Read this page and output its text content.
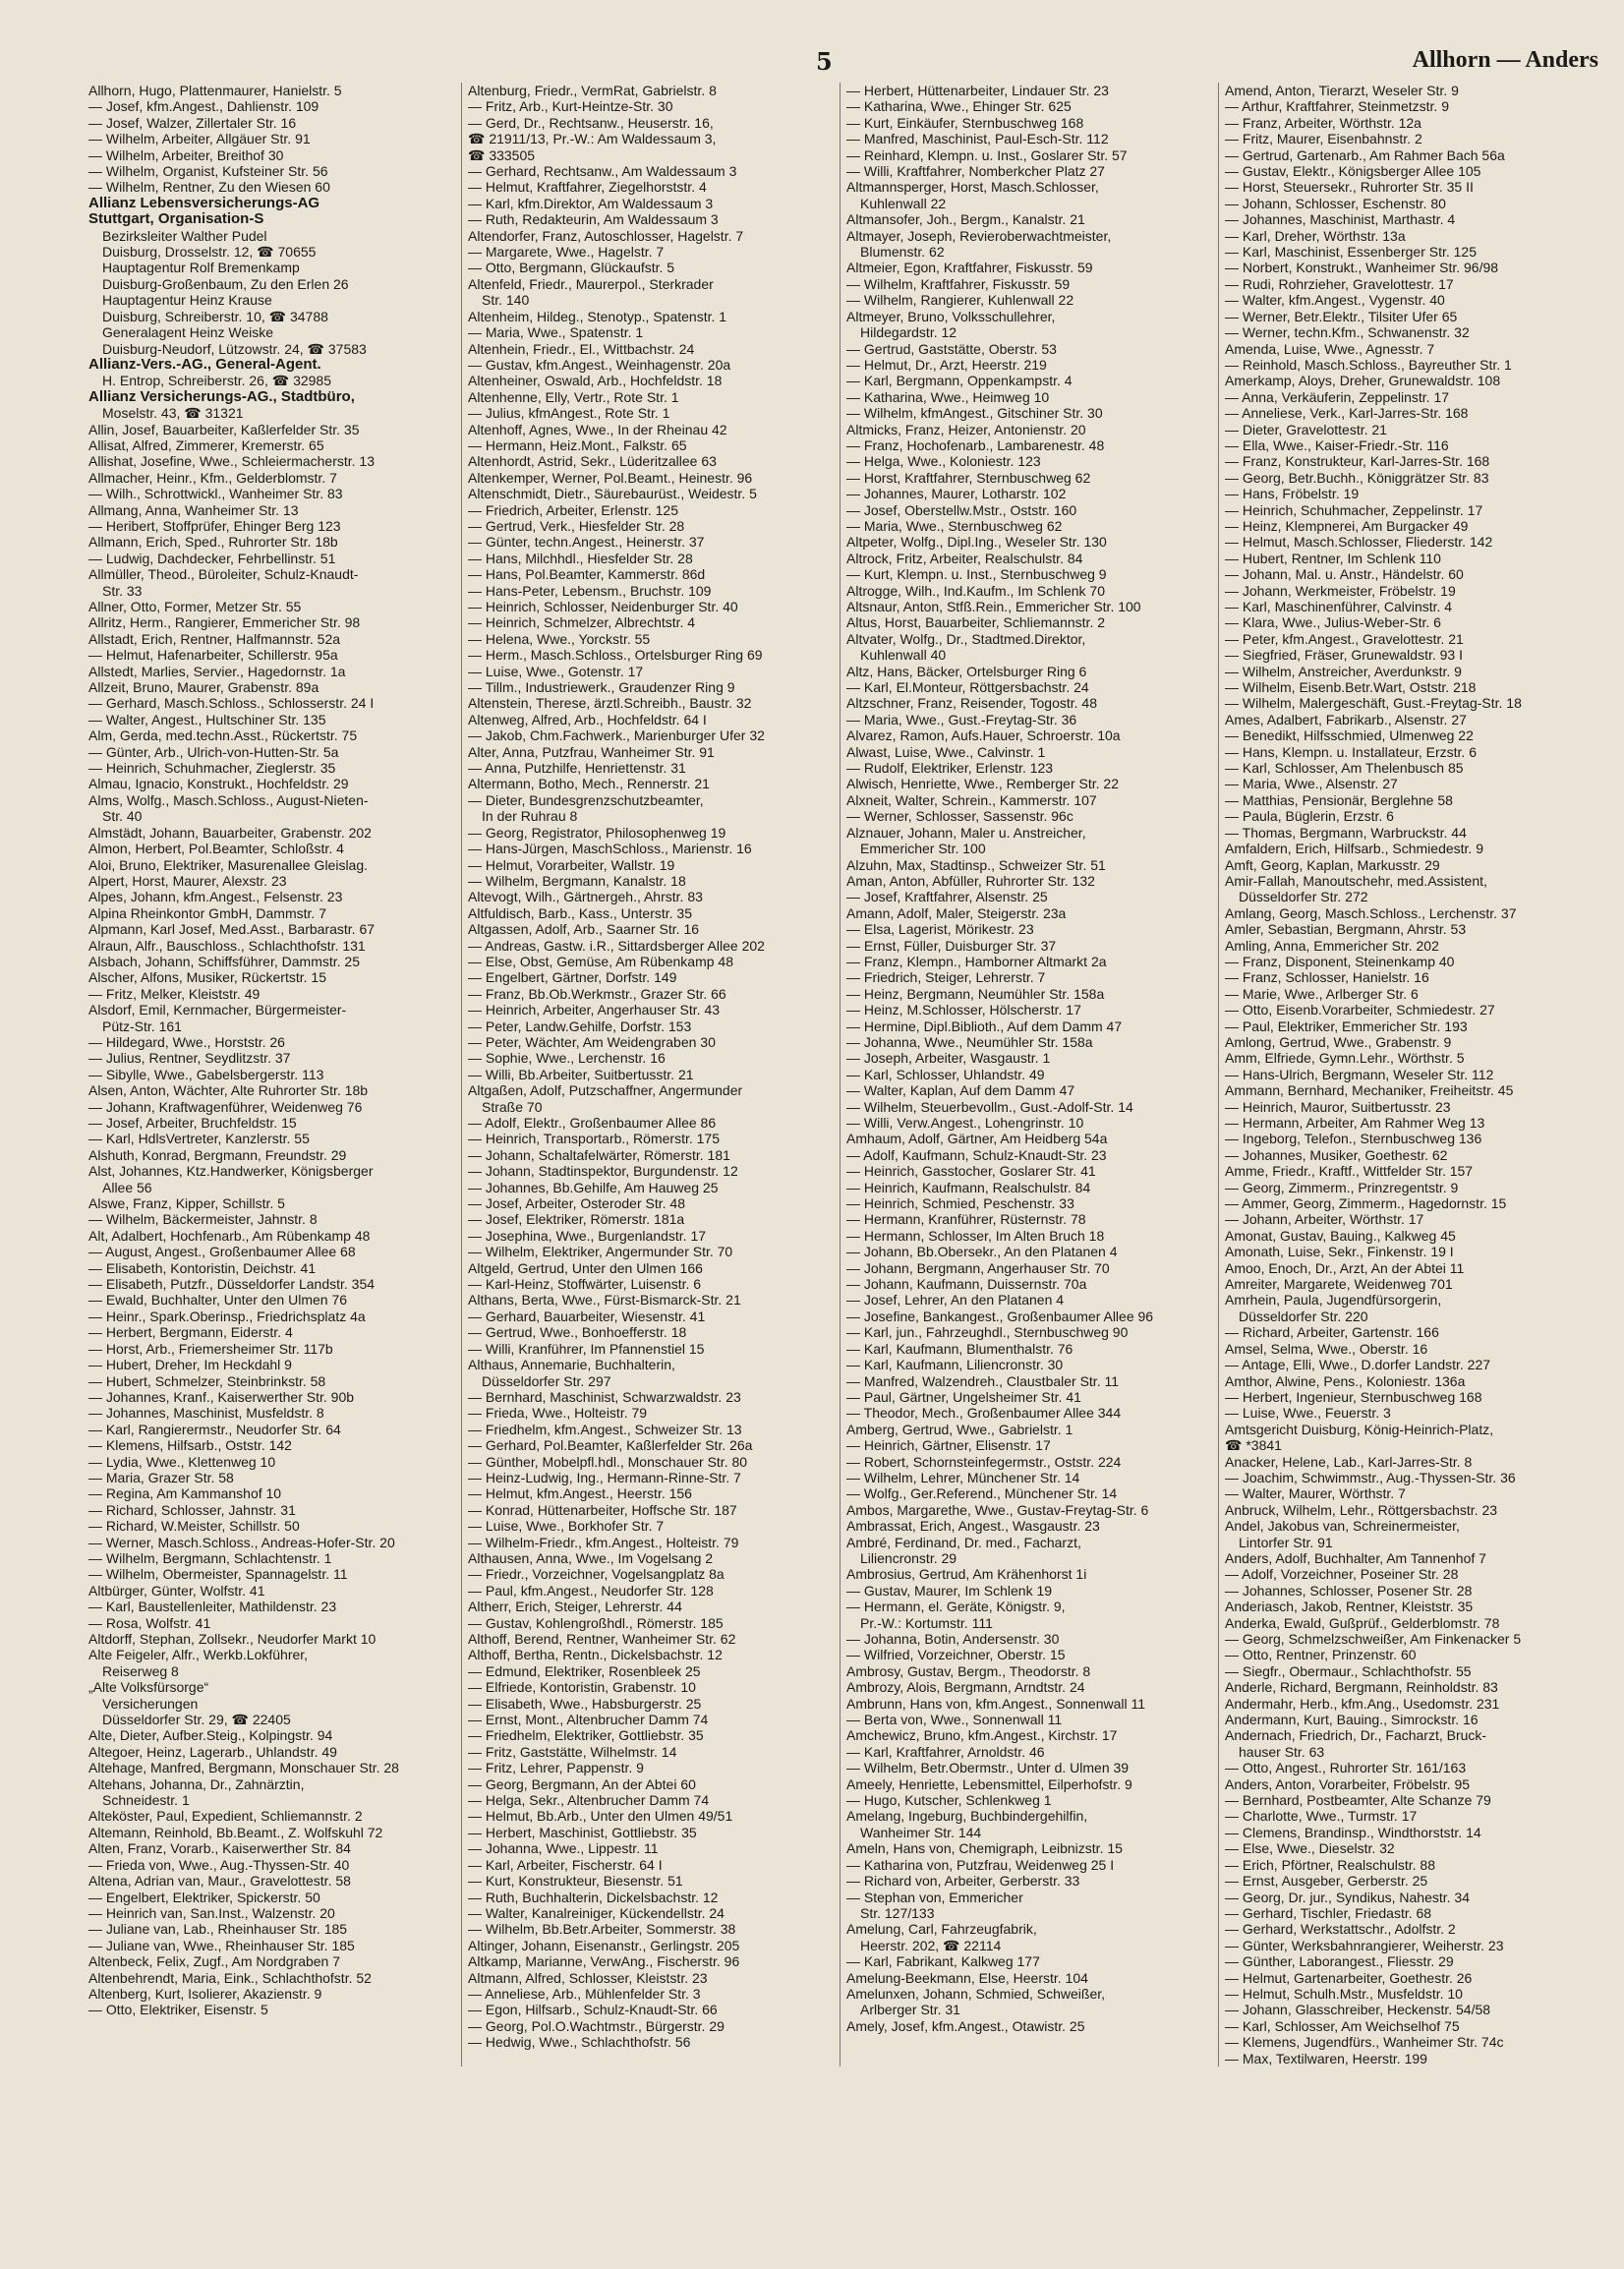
5	Allhorn — Anders
Allhorn, Hugo, Plattenmaurer, Hanielstr. 5
— Josef, kfm.Angest., Dahlienstr. 109
— Josef, Walzer, Zillertaler Str. 16
— Wilhelm, Arbeiter, Allgäuer Str. 91
— Wilhelm, Arbeiter, Breithof 30
— Wilhelm, Organist, Kufsteiner Str. 56
— Wilhelm, Rentner, Zu den Wiesen 60
Allianz Lebensversicherungs-AG
Stuttgart, Organisation-S
Bezirksleiter Walther Pudel
Duisburg, Drosselstr. 12, ☎ 70655
Hauptagentur Rolf Bremenkamp
Duisburg-Großenbaum, Zu den Erlen 26
Hauptagentur Heinz Krause
Duisburg, Schreiberstr. 10, ☎ 34788
Generalagent Heinz Weiske
Duisburg-Neudorf, Lützowstr. 24, ☎ 37583
Allianz-Vers.-AG., General-Agent.
H. Entrop, Schreiberstr. 26, ☎ 32985
Allianz Versicherungs-AG., Stadtbüro,
Moselstr. 43, ☎ 31321
Allin, Josef, Bauarbeiter, Kaßlerfelder Str. 35
Allisat, Alfred, Zimmerer, Kremerstr. 65
Allishat, Josefine, Wwe., Schleiermacherstr. 13
Allmacher, Heinr., Kfm., Gelderblomstr. 7
— Wilh., Schrottwickl., Wanheimer Str. 83
Allmang, Anna, Wanheimer Str. 13
— Heribert, Stoffprüfer, Ehinger Berg 123
Allmann, Erich, Sped., Ruhrorter Str. 18b
— Ludwig, Dachdecker, Fehrbellinstr. 51
Allmüller, Theod., Büroleiter, Schulz-Knaudt-
Str. 33
Allner, Otto, Former, Metzer Str. 55
Allritz, Herm., Rangierer, Emmericher Str. 98
Allstadt, Erich, Rentner, Halfmannstr. 52a
— Helmut, Hafenarbeiter, Schillerstr. 95a
Allstedt, Marlies, Servier., Hagedornstr. 1a
Allzeit, Bruno, Maurer, Grabenstr. 89a
— Gerhard, Masch.Schloss., Schlosserstr. 24 I
— Walter, Angest., Hultschiner Str. 135
Alm, Gerda, med.techn.Asst., Rückertstr. 75
— Günter, Arb., Ulrich-von-Hutten-Str. 5a
— Heinrich, Schuhmacher, Zieglerstr. 35
Almau, Ignacio, Konstrukt., Hochfeldstr. 29
Alms, Wolfg., Masch.Schloss., August-Nieten-
Str. 40
Almstädt, Johann, Bauarbeiter, Grabenstr. 202
Almon, Herbert, Pol.Beamter, Schloßstr. 4
Aloi, Bruno, Elektriker, Masurenallee Gleislag.
Alpert, Horst, Maurer, Alexstr. 23
Alpes, Johann, kfm.Angest., Felsenstr. 23
Alpina Rheinkontor GmbH, Dammstr. 7
Alpmann, Karl Josef, Med.Asst., Barbarastr. 67
Alraun, Alfr., Bauschloss., Schlachthofstr. 131
Alsbach, Johann, Schiffsführer, Dammstr. 25
Alscher, Alfons, Musiker, Rückertstr. 15
— Fritz, Melker, Kleiststr. 49
Alsdorf, Emil, Kernmacher, Bürgermeister-
Pütz-Str. 161
— Hildegard, Wwe., Horststr. 26
— Julius, Rentner, Seydlitzstr. 37
— Sibylle, Wwe., Gabelsbergerstr. 113
Alsen, Anton, Wächter, Alte Ruhrorter Str. 18b
— Johann, Kraftwagenführer, Weidenweg 76
— Josef, Arbeiter, Bruchfeldstr. 15
— Karl, HdlsVertreter, Kanzlerstr. 55
Alshuth, Konrad, Bergmann, Freundstr. 29
Alst, Johannes, Ktz.Handwerker, Königsberger
Allee 56
Alswe, Franz, Kipper, Schillstr. 5
— Wilhelm, Bäckermeister, Jahnstr. 8
Alt, Adalbert, Hochfenarb., Am Rübenkamp 48
— August, Angest., Großenbaumer Allee 68
— Elisabeth, Kontoristin, Deichstr. 41
— Elisabeth, Putzfr., Düsseldorfer Landstr. 354
— Ewald, Buchhalter, Unter den Ulmen 76
— Heinr., Spark.Oberinsp., Friedrichsplatz 4a
— Herbert, Bergmann, Eiderstr. 4
— Horst, Arb., Friemersheimer Str. 117b
— Hubert, Dreher, Im Heckdahl 9
— Hubert, Schmelzer, Steinbrinkstr. 58
— Johannes, Kranf., Kaiserwerther Str. 90b
— Johannes, Maschinist, Musfeldstr. 8
— Karl, Rangierermstr., Neudorfer Str. 64
— Klemens, Hilfsarb., Oststr. 142
— Lydia, Wwe., Klettenweg 10
— Maria, Grazer Str. 58
— Regina, Am Kammanshof 10
— Richard, Schlosser, Jahnstr. 31
— Richard, W.Meister, Schillstr. 50
— Werner, Masch.Schloss., Andreas-Hofer-Str. 20
— Wilhelm, Bergmann, Schlachtenstr. 1
— Wilhelm, Obermeister, Spannagelstr. 11
Altbürger, Günter, Wolfstr. 41
— Karl, Baustellenleiter, Mathildenstr. 23
— Rosa, Wolfstr. 41
Altdorff, Stephan, Zollsekr., Neudorfer Markt 10
Alte Feigeler, Alfr., Werkb.Lokführer,
Reiserweg 8
„Alte Volksfürsorge“
Versicherungen
Düsseldorfer Str. 29, ☎ 22405
Alte, Dieter, Aufber.Steig., Kolpingstr. 94
Altegoer, Heinz, Lagerarb., Uhlandstr. 49
Altehage, Manfred, Bergmann, Monschauer Str. 28
Altehans, Johanna, Dr., Zahnärztin,
Schneidestr. 1
Alteköster, Paul, Expedient, Schliemannstr. 2
Altemann, Reinhold, Bb.Beamt., Z. Wolfskuhl 72
Alten, Franz, Vorarb., Kaiserwerther Str. 84
— Frieda von, Wwe., Aug.-Thyssen-Str. 40
Altena, Adrian van, Maur., Gravelottestr. 58
— Engelbert, Elektriker, Spickerstr. 50
— Heinrich van, San.Inst., Walzenstr. 20
— Juliane van, Lab., Rheinhauser Str. 185
— Juliane van, Wwe., Rheinhauser Str. 185
Altenbeck, Felix, Zugf., Am Nordgraben 7
Altenbehrendt, Maria, Eink., Schlachthofstr. 52
Altenberg, Kurt, Isolierer, Akazienstr. 9
— Otto, Elektriker, Eisenstr. 5
Altenburg, Friedr., VermRat, Gabrielstr. 8
— Fritz, Arb., Kurt-Heintze-Str. 30
— Gerd, Dr., Rechtsanw., Heuserstr. 16,
☎ 21911/13, Pr.-W.: Am Waldessaum 3,
☎ 333505
— Gerhard, Rechtsanw., Am Waldessaum 3
— Helmut, Kraftfahrer, Ziegelhorststr. 4
— Karl, kfm.Direktor, Am Waldessaum 3
— Ruth, Redakteurin, Am Waldessaum 3
Altendorfer, Franz, Autoschlosser, Hagelstr. 7
— Margarete, Wwe., Hagelstr. 7
— Otto, Bergmann, Glückaufstr. 5
Altenfeld, Friedr., Maurerpol., Sterkrader
Str. 140
Altenheim, Hildeg., Stenotyp., Spatenstr. 1
— Maria, Wwe., Spatenstr. 1
Altenhein, Friedr., El., Wittbachstr. 24
— Gustav, kfm.Angest., Weinhagenstr. 20a
Altenheiner, Oswald, Arb., Hochfeldstr. 18
Altenhenne, Elly, Vertr., Rote Str. 1
— Julius, kfmAngest., Rote Str. 1
Altenhoff, Agnes, Wwe., In der Rheinau 42
— Hermann, Heiz.Mont., Falkstr. 65
Altenhordt, Astrid, Sekr., Lüderitzallee 63
Altenkemper, Werner, Pol.Beamt., Heinestr. 96
Altenschmidt, Dietr., Säurebaurüst., Weidestr. 5
— Friedrich, Arbeiter, Erlenstr. 125
— Gertrud, Verk., Hiesfelder Str. 28
— Günter, techn.Angest., Heinerstr. 37
— Hans, Milchhdl., Hiesfelder Str. 28
— Hans, Pol.Beamter, Kammerstr. 86d
— Hans-Peter, Lebensm., Bruchstr. 109
— Heinrich, Schlosser, Neidenburger Str. 40
— Heinrich, Schmelzer, Albrechtstr. 4
— Helena, Wwe., Yorckstr. 55
— Herm., Masch.Schloss., Ortelsburger Ring 69
— Luise, Wwe., Gotenstr. 17
— Tillm., Industriewerk., Graudenzer Ring 9
Altenstein, Therese, ärztl.Schreibh., Baustr. 32
Altenweg, Alfred, Arb., Hochfeldstr. 64 I
— Jakob, Chm.Fachwerk., Marienburger Ufer 32
Alter, Anna, Putzfrau, Wanheimer Str. 91
— Anna, Putzhilfe, Henriettenstr. 31
Altermann, Botho, Mech., Rennerstr. 21
— Dieter, Bundesgrenzschutzbeamter,
In der Ruhrau 8
— Georg, Registrator, Philosophenweg 19
— Hans-Jürgen, MaschSchloss., Marienstr. 16
— Helmut, Vorarbeiter, Wallstr. 19
— Wilhelm, Bergmann, Kanalstr. 18
Altevogt, Wilh., Gärtnergeh., Ahrstr. 83
Altfuldisch, Barb., Kass., Unterstr. 35
Altgassen, Adolf, Arb., Saarner Str. 16
— Andreas, Gastw. i.R., Sittardsberger Allee 202
— Else, Obst, Gemüse, Am Rübenkamp 48
— Engelbert, Gärtner, Dorfstr. 149
— Franz, Bb.Ob.Werkmstr., Grazer Str. 66
— Heinrich, Arbeiter, Angerhauser Str. 43
— Peter, Landw.Gehilfe, Dorfstr. 153
— Peter, Wächter, Am Weidengraben 30
— Sophie, Wwe., Lerchenstr. 16
— Willi, Bb.Arbeiter, Suitbertusstr. 21
Altgaßen, Adolf, Putzschaffner, Angermunder
Straße 70
— Adolf, Elektr., Großenbaumer Allee 86
— Heinrich, Transportarb., Römerstr. 175
— Johann, Schaltafelwärter, Römerstr. 181
— Johann, Stadtinspektor, Burgundenstr. 12
— Johannes, Bb.Gehilfe, Am Hauweg 25
— Josef, Arbeiter, Osteroder Str. 48
— Josef, Elektriker, Römerstr. 181a
— Josephina, Wwe., Burgenlandstr. 17
— Wilhelm, Elektriker, Angermunder Str. 70
Altgeld, Gertrud, Unter den Ulmen 166
— Karl-Heinz, Stoffwärter, Luisenstr. 6
Althans, Berta, Wwe., Fürst-Bismarck-Str. 21
— Gerhard, Bauarbeiter, Wiesenstr. 41
— Gertrud, Wwe., Bonhoefferstr. 18
— Willi, Kranführer, Im Pfannenstiel 15
Althaus, Annemarie, Buchhalterin,
Düsseldorfer Str. 297
— Bernhard, Maschinist, Schwarzwaldstr. 23
— Frieda, Wwe., Holteistr. 79
— Friedhelm, kfm.Angest., Schweizer Str. 13
— Gerhard, Pol.Beamter, Kaßlerfelder Str. 26a
— Günther, Mobelpfl.hdl., Monschauer Str. 80
— Heinz-Ludwig, Ing., Hermann-Rinne-Str. 7
— Helmut, kfm.Angest., Heerstr. 156
— Konrad, Hüttenarbeiter, Hoffsche Str. 187
— Luise, Wwe., Borkhofer Str. 7
— Wilhelm-Friedr., kfm.Angest., Holteistr. 79
Althausen, Anna, Wwe., Im Vogelsang 2
— Friedr., Vorzeichner, Vogelsangplatz 8a
— Paul, kfm.Angest., Neudorfer Str. 128
Altherr, Erich, Steiger, Lehrerstr. 44
— Gustav, Kohlengroßhdl., Römerstr. 185
Althoff, Berend, Rentner, Wanheimer Str. 62
Althoff, Bertha, Rentn., Dickelsbachstr. 12
— Edmund, Elektriker, Rosenbleek 25
— Elfriede, Kontoristin, Grabenstr. 10
— Elisabeth, Wwe., Habsburgerstr. 25
— Ernst, Mont., Altenbrucher Damm 74
— Friedhelm, Elektriker, Gottliebstr. 35
— Fritz, Gaststätte, Wilhelmstr. 14
— Fritz, Lehrer, Pappenstr. 9
— Georg, Bergmann, An der Abtei 60
— Helga, Sekr., Altenbrucher Damm 74
— Helmut, Bb.Arb., Unter den Ulmen 49/51
— Herbert, Maschinist, Gottliebstr. 35
— Johanna, Wwe., Lippestr. 11
— Karl, Arbeiter, Fischerstr. 64 I
— Kurt, Konstrukteur, Biesenstr. 51
— Ruth, Buchhalterin, Dickelsbachstr. 12
— Walter, Kanalreiniger, Kückendellstr. 24
— Wilhelm, Bb.Betr.Arbeiter, Sommerstr. 38
Altinger, Johann, Eisenanstr., Gerlingstr. 205
Altkamp, Marianne, VerwAng., Fischerstr. 96
Altmann, Alfred, Schlosser, Kleiststr. 23
— Anneliese, Arb., Mühlenfelder Str. 3
— Egon, Hilfsarb., Schulz-Knaudt-Str. 66
— Georg, Pol.O.Wachtmstr., Bürgerstr. 29
— Hedwig, Wwe., Schlachthofstr. 56
— Herbert, Hüttenarbeiter, Lindauer Str. 23
— Katharina, Wwe., Ehinger Str. 625
— Kurt, Einkäufer, Sternbuschweg 168
— Manfred, Maschinist, Paul-Esch-Str. 112
— Reinhard, Klempn. u. Inst., Goslarer Str. 57
— Willi, Kraftfahrer, Nomberkcher Platz 27
Altmannsperger, Horst, Masch.Schlosser,
Kuhlenwall 22
Altmansofer, Joh., Bergm., Kanalstr. 21
Altmayer, Joseph, Revieroberwachtmeister,
Blumenstr. 62
Altmeier, Egon, Kraftfahrer, Fiskusstr. 59
— Wilhelm, Kraftfahrer, Fiskusstr. 59
— Wilhelm, Rangierer, Kuhlenwall 22
Altmeyer, Bruno, Volksschullehrer,
Hildegardstr. 12
— Gertrud, Gaststätte, Oberstr. 53
— Helmut, Dr., Arzt, Heerstr. 219
— Karl, Bergmann, Oppenkampstr. 4
— Katharina, Wwe., Heimweg 10
— Wilhelm, kfmAngest., Gitschiner Str. 30
Altmicks, Franz, Heizer, Antonienstr. 20
— Franz, Hochofenarb., Lambarenestr. 48
— Helga, Wwe., Koloniestr. 123
— Horst, Kraftfahrer, Sternbuschweg 62
— Johannes, Maurer, Lotharstr. 102
— Josef, Oberstellw.Mstr., Oststr. 160
— Maria, Wwe., Sternbuschweg 62
Altpeter, Wolfg., Dipl.Ing., Weseler Str. 130
Altrock, Fritz, Arbeiter, Realschulstr. 84
— Kurt, Klempn. u. Inst., Sternbuschweg 9
Altrogge, Wilh., Ind.Kaufm., Im Schlenk 70
Altsnaur, Anton, Stfß.Rein., Emmericher Str. 100
Altus, Horst, Bauarbeiter, Schliemannstr. 2
Altvater, Wolfg., Dr., Stadtmed.Direktor,
Kuhlenwall 40
Altz, Hans, Bäcker, Ortelsburger Ring 6
— Karl, El.Monteur, Röttgersbachstr. 24
Altzschner, Franz, Reisender, Togostr. 48
— Maria, Wwe., Gust.-Freytag-Str. 36
Alvarez, Ramon, Aufs.Hauer, Schroerstr. 10a
Alwast, Luise, Wwe., Calvinstr. 1
— Rudolf, Elektriker, Erlenstr. 123
Alwisch, Henriette, Wwe., Remberger Str. 22
Alxneit, Walter, Schrein., Kammerstr. 107
— Werner, Schlosser, Sassenstr. 96c
Alznauer, Johann, Maler u. Anstreicher,
Emmericher Str. 100
Alzuhn, Max, Stadtinsp., Schweizer Str. 51
Aman, Anton, Abfüller, Ruhrorter Str. 132
— Josef, Kraftfahrer, Alsenstr. 25
Amann, Adolf, Maler, Steigerstr. 23a
— Elsa, Lagerist, Mörikestr. 23
— Ernst, Füller, Duisburger Str. 37
— Franz, Klempn., Hamborner Altmarkt 2a
— Friedrich, Steiger, Lehrerstr. 7
— Heinz, Bergmann, Neumühler Str. 158a
— Heinz, M.Schlosser, Hölscherstr. 17
— Hermine, Dipl.Biblioth., Auf dem Damm 47
— Johanna, Wwe., Neumühler Str. 158a
— Joseph, Arbeiter, Wasgaustr. 1
— Karl, Schlosser, Uhlandstr. 49
— Walter, Kaplan, Auf dem Damm 47
— Wilhelm, Steuerbevollm., Gust.-Adolf-Str. 14
— Willi, Verw.Angest., Lohengrinstr. 10
Amhaum, Adolf, Gärtner, Am Heidberg 54a
— Adolf, Kaufmann, Schulz-Knaudt-Str. 23
— Heinrich, Gasstocher, Goslarer Str. 41
— Heinrich, Kaufmann, Realschulstr. 84
— Heinrich, Schmied, Peschenstr. 33
— Hermann, Kranführer, Rüsternstr. 78
— Hermann, Schlosser, Im Alten Bruch 18
— Johann, Bb.Obersekr., An den Platanen 4
— Johann, Bergmann, Angerhauser Str. 70
— Johann, Kaufmann, Duissernstr. 70a
— Josef, Lehrer, An den Platanen 4
— Josefine, Bankangest., Großenbaumer Allee 96
— Karl, jun., Fahrzeughdl., Sternbuschweg 90
— Karl, Kaufmann, Blumenthalstr. 76
— Karl, Kaufmann, Liliencronstr. 30
— Manfred, Walzendreh., Claustbaler Str. 11
— Paul, Gärtner, Ungelsheimer Str. 41
— Theodor, Mech., Großenbaumer Allee 344
Amberg, Gertrud, Wwe., Gabrielstr. 1
— Heinrich, Gärtner, Elisenstr. 17
— Robert, Schornsteinfegermstr., Oststr. 224
— Wilhelm, Lehrer, Münchener Str. 14
— Wolfg., Ger.Referend., Münchener Str. 14
Ambos, Margarethe, Wwe., Gustav-Freytag-Str. 6
Ambrassat, Erich, Angest., Wasgaustr. 23
Ambré, Ferdinand, Dr. med., Facharzt,
Liliencronstr. 29
Ambrosius, Gertrud, Am Krähenhorst 1i
— Gustav, Maurer, Im Schlenk 19
— Hermann, el. Geräte, Königstr. 9,
Pr.-W.: Kortumstr. 111
— Johanna, Botin, Andersenstr. 30
— Wilfried, Vorzeichner, Oberstr. 15
Ambrosy, Gustav, Bergm., Theodorstr. 8
Ambrozy, Alois, Bergmann, Arndtstr. 24
Ambrunn, Hans von, kfm.Angest., Sonnenwall 11
— Berta von, Wwe., Sonnenwall 11
Amchewicz, Bruno, kfm.Angest., Kirchstr. 17
— Karl, Kraftfahrer, Arnoldstr. 46
— Wilhelm, Betr.Obermstr., Unter d. Ulmen 39
Ameely, Henriette, Lebensmittel, Eilperhofstr. 9
— Hugo, Kutscher, Schlenkweg 1
Amelang, Ingeburg, Buchbindergehilfin,
Wanheimer Str. 144
Ameln, Hans von, Chemigraph, Leibnizstr. 15
— Katharina von, Putzfrau, Weidenweg 25 I
— Richard von, Arbeiter, Gerberstr. 33
— Stephan von, Emmericher
Str. 127/133
Amelung, Carl, Fahrzeugfabrik,
Heerstr. 202, ☎ 22114
— Karl, Fabrikant, Kalkweg 177
Amelung-Beekmann, Else, Heerstr. 104
Amelunxen, Johann, Schmied, Schweißer,
Arlberger Str. 31
Amely, Josef, kfm.Angest., Otawistr. 25
Amend, Anton, Tierarzt, Weseler Str. 9
— Arthur, Kraftfahrer, Steinmetzstr. 9
— Franz, Arbeiter, Wörthstr. 12a
— Fritz, Maurer, Eisenbahnstr. 2
— Gertrud, Gartenarb., Am Rahmer Bach 56a
— Gustav, Elektr., Königsberger Allee 105
— Horst, Steuersekr., Ruhrorter Str. 35 II
— Johann, Schlosser, Eschenstr. 80
— Johannes, Maschinist, Marthastr. 4
— Karl, Dreher, Wörthstr. 13a
— Karl, Maschinist, Essenberger Str. 125
— Norbert, Konstrukt., Wanheimer Str. 96/98
— Rudi, Rohrzieher, Gravelottestr. 17
— Walter, kfm.Angest., Vygenstr. 40
— Werner, Betr.Elektr., Tilsiter Ufer 65
— Werner, techn.Kfm., Schwanenstr. 32
Amenda, Luise, Wwe., Agnesstr. 7
— Reinhold, Masch.Schloss., Bayreuther Str. 1
Amerkamp, Aloys, Dreher, Grunewaldstr. 108
— Anna, Verkäuferin, Zeppelinstr. 17
— Anneliese, Verk., Karl-Jarres-Str. 168
— Dieter, Gravelottestr. 21
— Ella, Wwe., Kaiser-Friedr.-Str. 116
— Franz, Konstrukteur, Karl-Jarres-Str. 168
— Georg, Betr.Buchh., Königgrätzer Str. 83
— Hans, Fröbelstr. 19
— Heinrich, Schuhmacher, Zeppelinstr. 17
— Heinz, Klempnerei, Am Burgacker 49
— Helmut, Masch.Schlosser, Fliederstr. 142
— Hubert, Rentner, Im Schlenk 110
— Johann, Mal. u. Anstr., Händelstr. 60
— Johann, Werkmeister, Fröbelstr. 19
— Karl, Maschinenführer, Calvinstr. 4
— Klara, Wwe., Julius-Weber-Str. 6
— Peter, kfm.Angest., Gravelottestr. 21
— Siegfried, Fräser, Grunewaldstr. 93 I
— Wilhelm, Anstreicher, Averdunkstr. 9
— Wilhelm, Eisenb.Betr.Wart, Oststr. 218
— Wilhelm, Malergeschäft, Gust.-Freytag-Str. 18
Ames, Adalbert, Fabrikarb., Alsenstr. 27
— Benedikt, Hilfsschmied, Ulmenweg 22
— Hans, Klempn. u. Installateur, Erzstr. 6
— Karl, Schlosser, Am Thelenbusch 85
— Maria, Wwe., Alsenstr. 27
— Matthias, Pensionär, Berglehne 58
— Paula, Büglerin, Erzstr. 6
— Thomas, Bergmann, Warbruckstr. 44
Amfaldern, Erich, Hilfsarb., Schmiedestr. 9
Amft, Georg, Kaplan, Markusstr. 29
Amir-Fallah, Manoutschehr, med.Assistent,
Düsseldorfer Str. 272
Amlang, Georg, Masch.Schloss., Lerchenstr. 37
Amler, Sebastian, Bergmann, Ahrstr. 53
Amling, Anna, Emmericher Str. 202
— Franz, Disponent, Steinenkamp 40
— Franz, Schlosser, Hanielstr. 16
— Marie, Wwe., Arlberger Str. 6
— Otto, Eisenb.Vorarbeiter, Schmiedestr. 27
— Paul, Elektriker, Emmericher Str. 193
Amlong, Gertrud, Wwe., Grabenstr. 9
Amm, Elfriede, Gymn.Lehr., Wörthstr. 5
— Hans-Ulrich, Bergmann, Weseler Str. 112
Ammann, Bernhard, Mechaniker, Freiheitstr. 45
— Heinrich, Mauror, Suitbertusstr. 23
— Hermann, Arbeiter, Am Rahmer Weg 13
— Ingeborg, Telefon., Sternbuschweg 136
— Johannes, Musiker, Goethestr. 62
Amme, Friedr., Kraftf., Wittfelder Str. 157
— Georg, Zimmerm., Prinzregentstr. 9
— Ammer, Georg, Zimmerm., Hagedornstr. 15
— Johann, Arbeiter, Wörthstr. 17
Amonat, Gustav, Bauing., Kalkweg 45
Amonath, Luise, Sekr., Finkenstr. 19 I
Amoo, Enoch, Dr., Arzt, An der Abtei 11
Amreiter, Margarete, Weidenweg 701
Amrhein, Paula, Jugendfürsorgerin,
Düsseldorfer Str. 220
— Richard, Arbeiter, Gartenstr. 166
Amsel, Selma, Wwe., Oberstr. 16
— Antage, Elli, Wwe., D.dorfer Landstr. 227
Amthor, Alwine, Pens., Koloniestr. 136a
— Herbert, Ingenieur, Sternbuschweg 168
— Luise, Wwe., Feuerstr. 3
Amtsgericht Duisburg, König-Heinrich-Platz,
☎ *3841
Anacker, Helene, Lab., Karl-Jarres-Str. 8
— Joachim, Schwimmstr., Aug.-Thyssen-Str. 36
— Walter, Maurer, Wörthstr. 7
Anbruck, Wilhelm, Lehr., Röttgersbachstr. 23
Andel, Jakobus van, Schreinermeister,
Lintorfer Str. 91
Anders, Adolf, Buchhalter, Am Tannenhof 7
— Adolf, Vorzeichner, Poseiner Str. 28
— Johannes, Schlosser, Posener Str. 28
Anderiasch, Jakob, Rentner, Kleiststr. 35
Anderka, Ewald, Gußprüf., Gelderblomstr. 78
— Georg, Schmelzschweißer, Am Finkenacker 5
— Otto, Rentner, Prinzenstr. 60
— Siegfr., Obermaur., Schlachthofstr. 55
Anderle, Richard, Bergmann, Reinholdstr. 83
Andermahr, Herb., kfm.Ang., Usedomstr. 231
Andermann, Kurt, Bauing., Simrockstr. 16
Andernach, Friedrich, Dr., Facharzt, Bruck-
hauser Str. 63
— Otto, Angest., Ruhrorter Str. 161/163
Anders, Anton, Vorarbeiter, Fröbelstr. 95
— Bernhard, Postbeamter, Alte Schanze 79
— Charlotte, Wwe., Turmstr. 17
— Clemens, Brandinsp., Windthorststr. 14
— Else, Wwe., Dieselstr. 32
— Erich, Pförtner, Realschulstr. 88
— Ernst, Ausgeber, Gerberstr. 25
— Georg, Dr. jur., Syndikus, Nahestr. 34
— Gerhard, Tischler, Friedastr. 68
— Gerhard, Werkstattschr., Adolfstr. 2
— Günter, Werksbahnrangierer, Weiherstr. 23
— Günther, Laborangest., Fliesstr. 29
— Helmut, Gartenarbeiter, Goethestr. 26
— Helmut, Schulh.Mstr., Musfeldstr. 10
— Johann, Glasschreiber, Heckenstr. 54/58
— Karl, Schlosser, Am Weichselhof 75
— Klemens, Jugendfürs., Wanheimer Str. 74c
— Max, Textilwaren, Heerstr. 199
